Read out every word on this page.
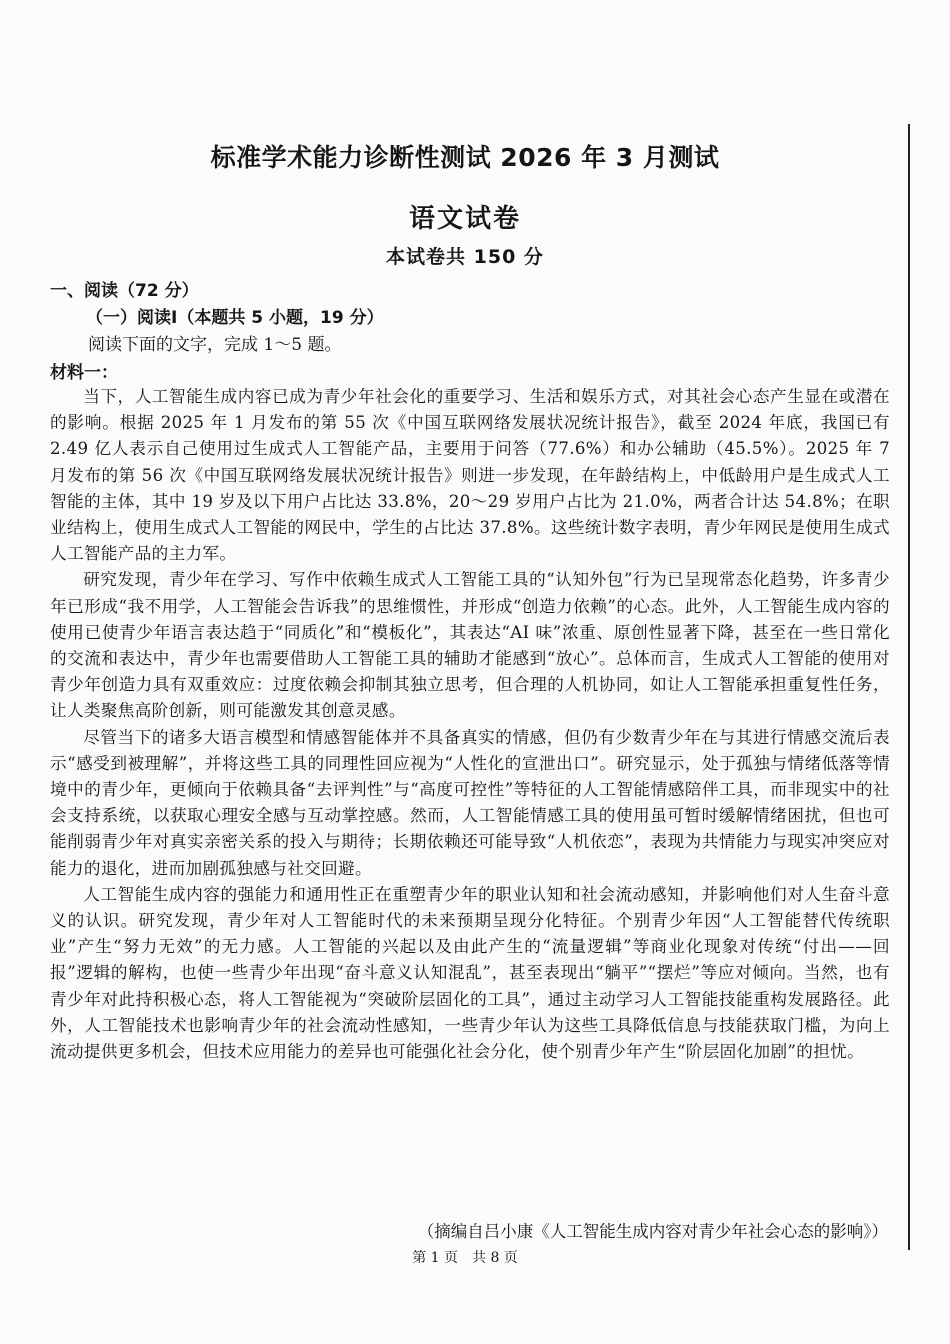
标准学术能力诊断性测试 2026 年 3 月测试
语文试卷
本试卷共 150 分

一、阅读（72 分）

（一）阅读Ⅰ（本题共 5 小题，19 分）

阅读下面的文字，完成 1～5 题。

材料一：

当下，人工智能生成内容已成为青少年社会化的重要学习、生活和娱乐方式，对其社会心态产生显在或潜在的影响。根据 2025 年 1 月发布的第 55 次《中国互联网络发展状况统计报告》，截至 2024 年底，我国已有 2.49 亿人表示自己使用过生成式人工智能产品，主要用于问答（77.6%）和办公辅助（45.5%）。2025 年 7 月发布的第 56 次《中国互联网络发展状况统计报告》则进一步发现，在年龄结构上，中低龄用户是生成式人工智能的主体，其中 19 岁及以下用户占比达 33.8%，20～29 岁用户占比为 21.0%，两者合计达 54.8%；在职业结构上，使用生成式人工智能的网民中，学生的占比达 37.8%。这些统计数字表明，青少年网民是使用生成式人工智能产品的主力军。

研究发现，青少年在学习、写作中依赖生成式人工智能工具的“认知外包”行为已呈现常态化趋势，许多青少年已形成“我不用学，人工智能会告诉我”的思维惯性，并形成“创造力依赖”的心态。此外，人工智能生成内容的使用已使青少年语言表达趋于“同质化”和“模板化”，其表达“AI 味”浓重、原创性显著下降，甚至在一些日常化的交流和表达中，青少年也需要借助人工智能工具的辅助才能感到“放心”。总体而言，生成式人工智能的使用对青少年创造力具有双重效应：过度依赖会抑制其独立思考，但合理的人机协同，如让人工智能承担重复性任务，让人类聚焦高阶创新，则可能激发其创意灵感。

尽管当下的诸多大语言模型和情感智能体并不具备真实的情感，但仍有少数青少年在与其进行情感交流后表示“感受到被理解”，并将这些工具的同理性回应视为“人性化的宣泄出口”。研究显示，处于孤独与情绪低落等情境中的青少年，更倾向于依赖具备“去评判性”与“高度可控性”等特征的人工智能情感陪伴工具，而非现实中的社会支持系统，以获取心理安全感与互动掌控感。然而，人工智能情感工具的使用虽可暂时缓解情绪困扰，但也可能削弱青少年对真实亲密关系的投入与期待；长期依赖还可能导致“人机依恋”，表现为共情能力与现实冲突应对能力的退化，进而加剧孤独感与社交回避。

人工智能生成内容的强能力和通用性正在重塑青少年的职业认知和社会流动感知，并影响他们对人生奋斗意义的认识。研究发现，青少年对人工智能时代的未来预期呈现分化特征。个别青少年因“人工智能替代传统职业”产生“努力无效”的无力感。人工智能的兴起以及由此产生的“流量逻辑”等商业化现象对传统“付出——回报”逻辑的解构，也使一些青少年出现“奋斗意义认知混乱”，甚至表现出“躺平”“摆烂”等应对倾向。当然，也有青少年对此持积极心态，将人工智能视为“突破阶层固化的工具”，通过主动学习人工智能技能重构发展路径。此外，人工智能技术也影响青少年的社会流动性感知，一些青少年认为这些工具降低信息与技能获取门槛，为向上流动提供更多机会，但技术应用能力的差异也可能强化社会分化，使个别青少年产生“阶层固化加剧”的担忧。

（摘编自吕小康《人工智能生成内容对青少年社会心态的影响》）

第 1 页　共 8 页
